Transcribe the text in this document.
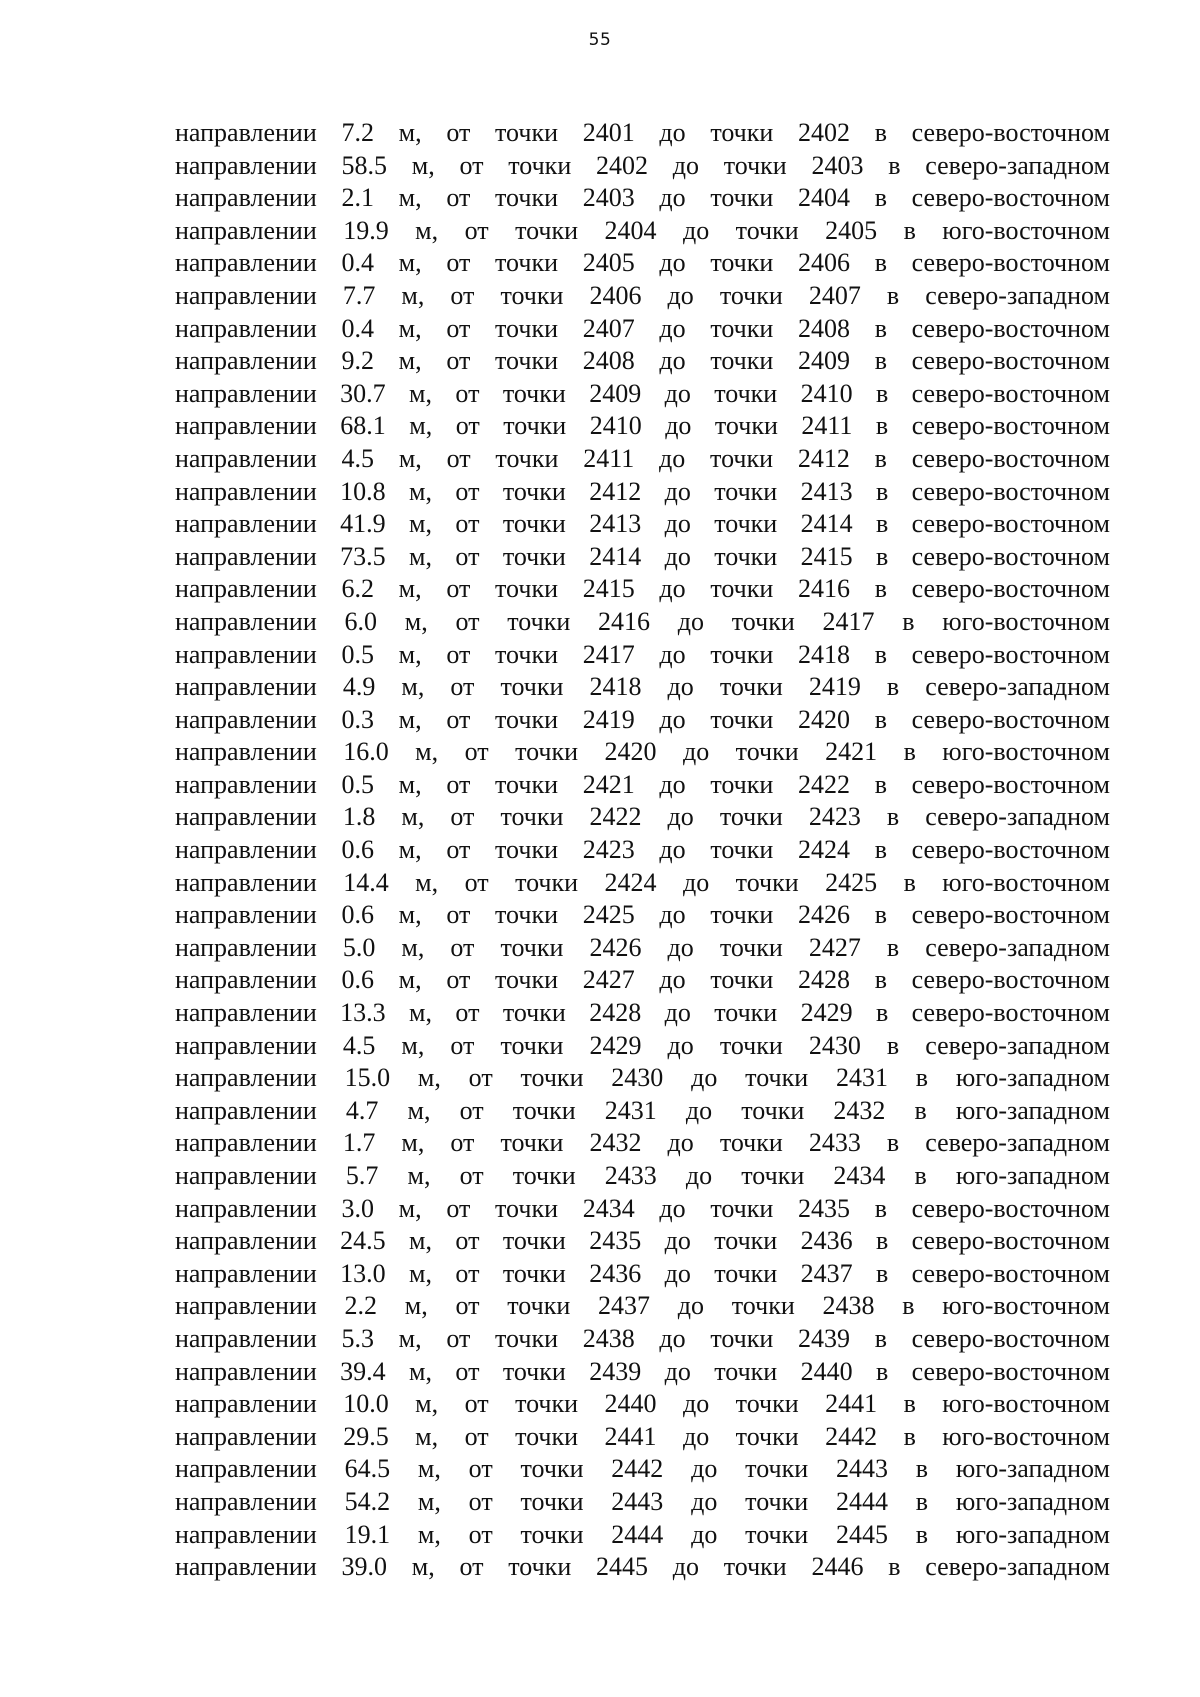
55
направлении 7.2 м, от точки 2401 до точки 2402 в северо-восточном
направлении 58.5 м, от точки 2402 до точки 2403 в северо-западном
направлении 2.1 м, от точки 2403 до точки 2404 в северо-восточном
направлении 19.9 м, от точки 2404 до точки 2405 в юго-восточном
направлении 0.4 м, от точки 2405 до точки 2406 в северо-восточном
направлении 7.7 м, от точки 2406 до точки 2407 в северо-западном
направлении 0.4 м, от точки 2407 до точки 2408 в северо-восточном
направлении 9.2 м, от точки 2408 до точки 2409 в северо-восточном
направлении 30.7 м, от точки 2409 до точки 2410 в северо-восточном
направлении 68.1 м, от точки 2410 до точки 2411 в северо-восточном
направлении 4.5 м, от точки 2411 до точки 2412 в северо-восточном
направлении 10.8 м, от точки 2412 до точки 2413 в северо-восточном
направлении 41.9 м, от точки 2413 до точки 2414 в северо-восточном
направлении 73.5 м, от точки 2414 до точки 2415 в северо-восточном
направлении 6.2 м, от точки 2415 до точки 2416 в северо-восточном
направлении 6.0 м, от точки 2416 до точки 2417 в юго-восточном
направлении 0.5 м, от точки 2417 до точки 2418 в северо-восточном
направлении 4.9 м, от точки 2418 до точки 2419 в северо-западном
направлении 0.3 м, от точки 2419 до точки 2420 в северо-восточном
направлении 16.0 м, от точки 2420 до точки 2421 в юго-восточном
направлении 0.5 м, от точки 2421 до точки 2422 в северо-восточном
направлении 1.8 м, от точки 2422 до точки 2423 в северо-западном
направлении 0.6 м, от точки 2423 до точки 2424 в северо-восточном
направлении 14.4 м, от точки 2424 до точки 2425 в юго-восточном
направлении 0.6 м, от точки 2425 до точки 2426 в северо-восточном
направлении 5.0 м, от точки 2426 до точки 2427 в северо-западном
направлении 0.6 м, от точки 2427 до точки 2428 в северо-восточном
направлении 13.3 м, от точки 2428 до точки 2429 в северо-восточном
направлении 4.5 м, от точки 2429 до точки 2430 в северо-западном
направлении 15.0 м, от точки 2430 до точки 2431 в юго-западном
направлении 4.7 м, от точки 2431 до точки 2432 в юго-западном
направлении 1.7 м, от точки 2432 до точки 2433 в северо-западном
направлении 5.7 м, от точки 2433 до точки 2434 в юго-западном
направлении 3.0 м, от точки 2434 до точки 2435 в северо-восточном
направлении 24.5 м, от точки 2435 до точки 2436 в северо-восточном
направлении 13.0 м, от точки 2436 до точки 2437 в северо-восточном
направлении 2.2 м, от точки 2437 до точки 2438 в юго-восточном
направлении 5.3 м, от точки 2438 до точки 2439 в северо-восточном
направлении 39.4 м, от точки 2439 до точки 2440 в северо-восточном
направлении 10.0 м, от точки 2440 до точки 2441 в юго-восточном
направлении 29.5 м, от точки 2441 до точки 2442 в юго-восточном
направлении 64.5 м, от точки 2442 до точки 2443 в юго-западном
направлении 54.2 м, от точки 2443 до точки 2444 в юго-западном
направлении 19.1 м, от точки 2444 до точки 2445 в юго-западном
направлении 39.0 м, от точки 2445 до точки 2446 в северо-западном
